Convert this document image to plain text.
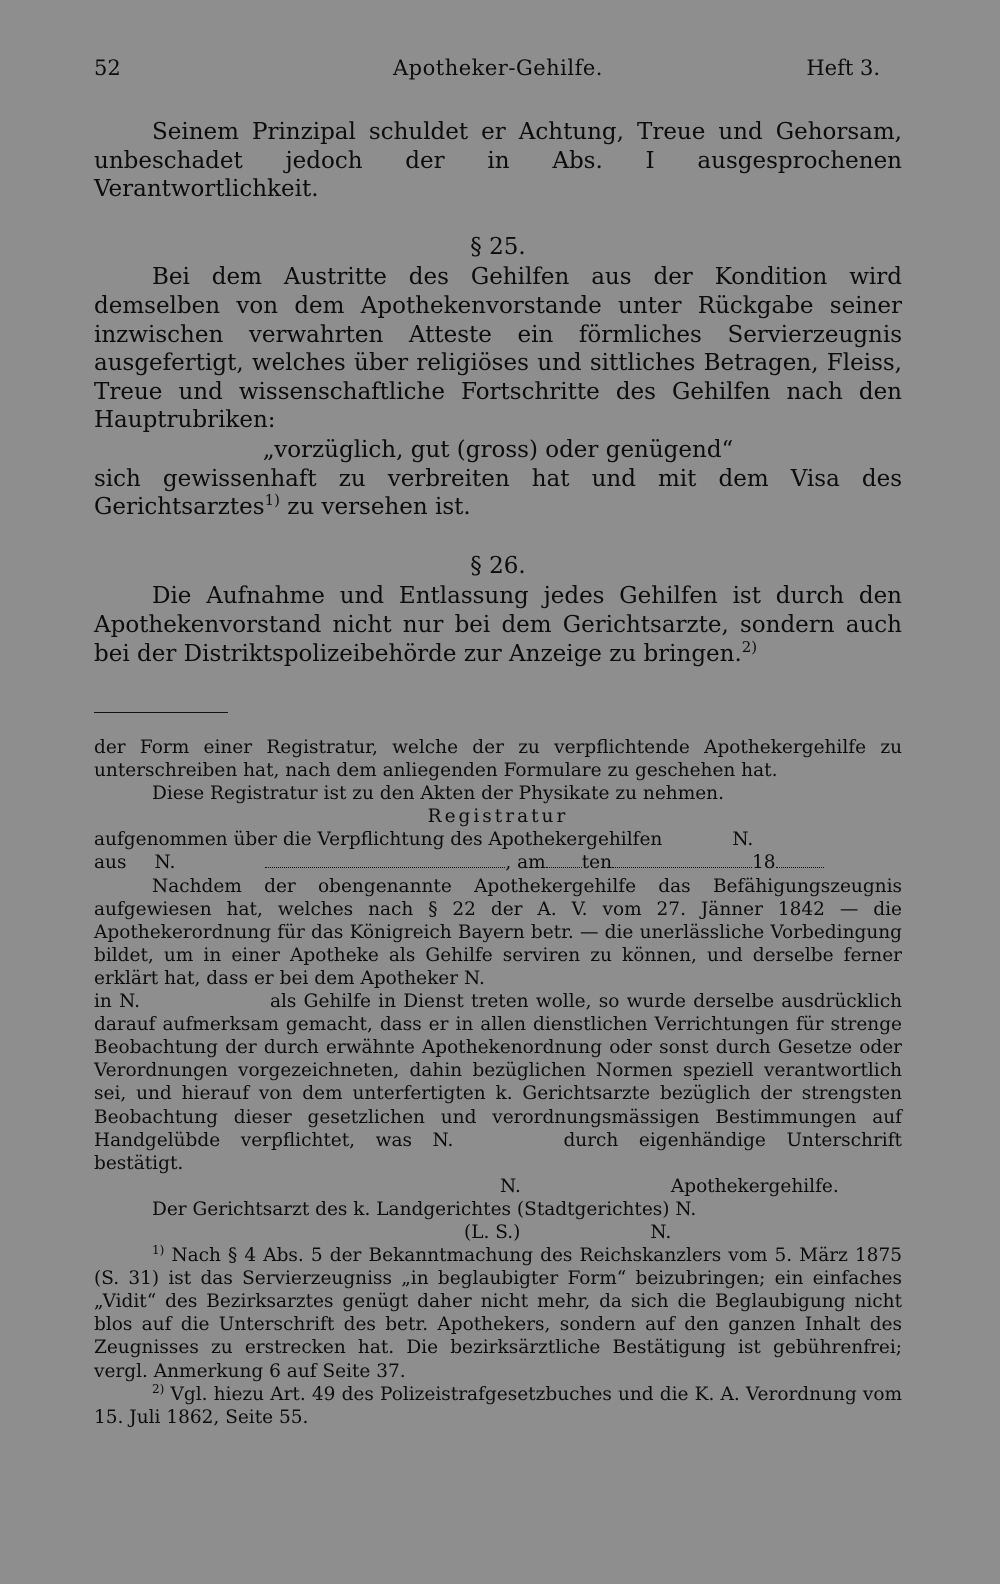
52	Apotheker-Gehilfe.	Heft 3.

Seinem Prinzipal schuldet er Achtung, Treue und Gehorsam, unbeschadet jedoch der in Abs. I ausgesprochenen Verantwortlichkeit.

§ 25.

Bei dem Austritte des Gehilfen aus der Kondition wird demselben von dem Apothekenvorstande unter Rückgabe seiner inzwischen verwahrten Atteste ein förmliches Servierzeugnis ausgefertigt, welches über religiöses und sittliches Betragen, Fleiss, Treue und wissenschaftliche Fortschritte des Gehilfen nach den Hauptrubriken:

„vorzüglich, gut (gross) oder genügend“

sich gewissenhaft zu verbreiten hat und mit dem Visa des Gerichtsarztes$^{1)}$ zu versehen ist.

§ 26.

Die Aufnahme und Entlassung jedes Gehilfen ist durch den Apothekenvorstand nicht nur bei dem Gerichtsarzte, sondern auch bei der Distriktspolizeibehörde zur Anzeige zu bringen.$^{2)}$

der Form einer Registratur, welche der zu verpflichtende Apothekergehilfe zu unterschreiben hat, nach dem anliegenden Formulare zu geschehen hat.

Diese Registratur ist zu den Akten der Physikate zu nehmen.

Registratur

aufgenommen über die Verpflichtung des Apothekergehilfen	N.

aus N.	, am ten	18

Nachdem der obengenannte Apothekergehilfe das Befähigungszeugnis aufgewiesen hat, welches nach § 22 der A. V. vom 27. Jänner 1842 — die Apothekerordnung für das Königreich Bayern betr. — die unerlässliche Vorbedingung bildet, um in einer Apotheke als Gehilfe serviren zu können, und derselbe ferner erklärt hat, dass er bei dem Apotheker N.

in N.	als Gehilfe in Dienst treten wolle, so wurde derselbe ausdrücklich darauf aufmerksam gemacht, dass er in allen dienstlichen Verrichtungen für strenge Beobachtung der durch erwähnte Apothekenordnung oder sonst durch Gesetze oder Verordnungen vorgezeichneten, dahin bezüglichen Normen speziell verantwortlich sei, und hierauf von dem unterfertigten k. Gerichtsarzte bezüglich der strengsten Beobachtung dieser gesetzlichen und verordnungsmässigen Bestimmungen auf Handgelübde verpflichtet, was N.	durch eigenhändige Unterschrift bestätigt.

N.	Apothekergehilfe.

Der Gerichtsarzt des k. Landgerichtes (Stadtgerichtes) N.

(L. S.)	N.

$^{1)}$ Nach § 4 Abs. 5 der Bekanntmachung des Reichskanzlers vom 5. März 1875 (S. 31) ist das Servierzeugniss „in beglaubigter Form“ beizubringen; ein einfaches „Vidit“ des Bezirksarztes genügt daher nicht mehr, da sich die Beglaubigung nicht blos auf die Unterschrift des betr. Apothekers, sondern auf den ganzen Inhalt des Zeugnisses zu erstrecken hat. Die bezirksärztliche Bestätigung ist gebührenfrei; vergl. Anmerkung 6 auf Seite 37.

$^{2)}$ Vgl. hiezu Art. 49 des Polizeistrafgesetzbuches und die K. A. Verordnung vom 15. Juli 1862, Seite 55.
